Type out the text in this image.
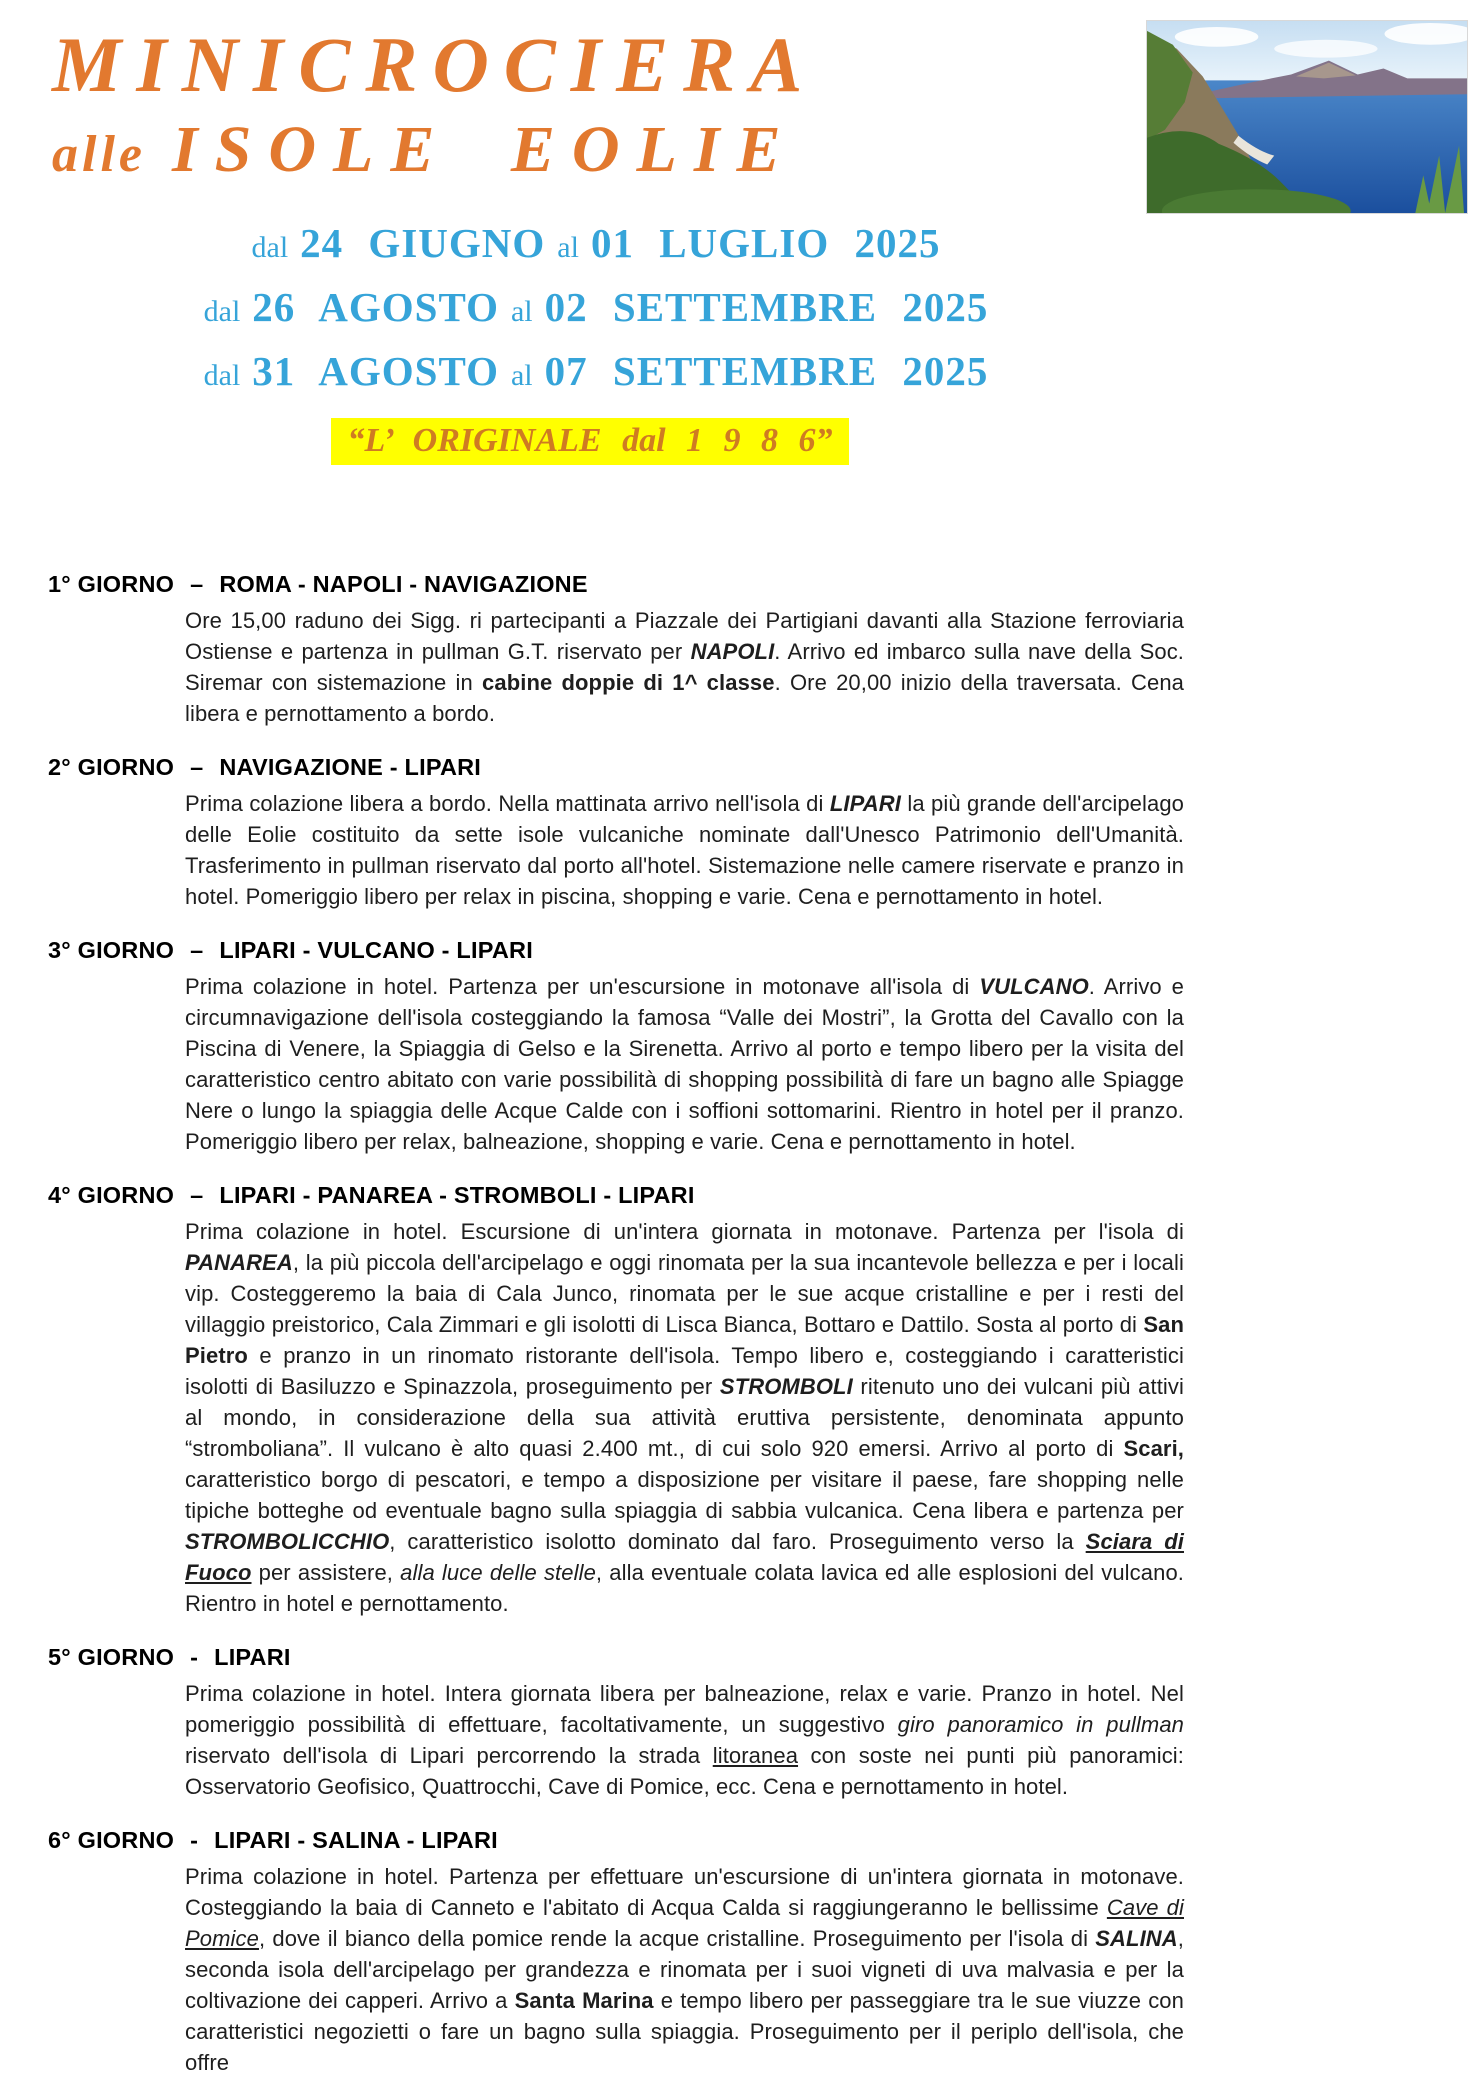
MINICROCIERA
alle ISOLE EOLIE
dal 24 GIUGNO al 01 LUGLIO 2025
dal 26 AGOSTO al 02 SETTEMBRE 2025
dal 31 AGOSTO al 07 SETTEMBRE 2025
“L’ ORIGINALE dal 1 9 8 6”
1° GIORNO – ROMA - NAPOLI - NAVIGAZIONE

Ore 15,00 raduno dei Sigg. ri partecipanti a Piazzale dei Partigiani davanti alla Stazione ferroviaria Ostiense e partenza in pullman G.T. riservato per NAPOLI. Arrivo ed imbarco sulla nave della Soc. Siremar con sistemazione in cabine doppie di 1^ classe. Ore 20,00 inizio della traversata. Cena libera e pernottamento a bordo.

2° GIORNO – NAVIGAZIONE - LIPARI

Prima colazione libera a bordo. Nella mattinata arrivo nell'isola di LIPARI la più grande dell'arcipelago delle Eolie costituito da sette isole vulcaniche nominate dall'Unesco Patrimonio dell'Umanità. Trasferimento in pullman riservato dal porto all'hotel. Sistemazione nelle camere riservate e pranzo in hotel. Pomeriggio libero per relax in piscina, shopping e varie. Cena e pernottamento in hotel.

3° GIORNO – LIPARI - VULCANO - LIPARI

Prima colazione in hotel. Partenza per un'escursione in motonave all'isola di VULCANO. Arrivo e circumnavigazione dell'isola costeggiando la famosa “Valle dei Mostri”, la Grotta del Cavallo con la Piscina di Venere, la Spiaggia di Gelso e la Sirenetta. Arrivo al porto e tempo libero per la visita del caratteristico centro abitato con varie possibilità di shopping possibilità di fare un bagno alle Spiagge Nere o lungo la spiaggia delle Acque Calde con i soffioni sottomarini. Rientro in hotel per il pranzo. Pomeriggio libero per relax, balneazione, shopping e varie. Cena e pernottamento in hotel.

4° GIORNO – LIPARI - PANAREA - STROMBOLI - LIPARI

Prima colazione in hotel. Escursione di un'intera giornata in motonave. Partenza per l'isola di PANAREA, la più piccola dell'arcipelago e oggi rinomata per la sua incantevole bellezza e per i locali vip. Costeggeremo la baia di Cala Junco, rinomata per le sue acque cristalline e per i resti del villaggio preistorico, Cala Zimmari e gli isolotti di Lisca Bianca, Bottaro e Dattilo. Sosta al porto di San Pietro e pranzo in un rinomato ristorante dell'isola. Tempo libero e, costeggiando i caratteristici isolotti di Basiluzzo e Spinazzola, proseguimento per STROMBOLI ritenuto uno dei vulcani più attivi al mondo, in considerazione della sua attività eruttiva persistente, denominata appunto “stromboliana”. Il vulcano è alto quasi 2.400 mt., di cui solo 920 emersi. Arrivo al porto di Scari, caratteristico borgo di pescatori, e tempo a disposizione per visitare il paese, fare shopping nelle tipiche botteghe od eventuale bagno sulla spiaggia di sabbia vulcanica. Cena libera e partenza per STROMBOLICCHIO, caratteristico isolotto dominato dal faro. Proseguimento verso la Sciara di Fuoco per assistere, alla luce delle stelle, alla eventuale colata lavica ed alle esplosioni del vulcano. Rientro in hotel e pernottamento.

5° GIORNO - LIPARI

Prima colazione in hotel. Intera giornata libera per balneazione, relax e varie. Pranzo in hotel. Nel pomeriggio possibilità di effettuare, facoltativamente, un suggestivo giro panoramico in pullman riservato dell'isola di Lipari percorrendo la strada litoranea con soste nei punti più panoramici: Osservatorio Geofisico, Quattrocchi, Cave di Pomice, ecc. Cena e pernottamento in hotel.

6° GIORNO - LIPARI - SALINA - LIPARI

Prima colazione in hotel. Partenza per effettuare un'escursione di un'intera giornata in motonave. Costeggiando la baia di Canneto e l'abitato di Acqua Calda si raggiungeranno le bellissime Cave di Pomice, dove il bianco della pomice rende la acque cristalline. Proseguimento per l'isola di SALINA, seconda isola dell'arcipelago per grandezza e rinomata per i suoi vigneti di uva malvasia e per la coltivazione dei capperi. Arrivo a Santa Marina e tempo libero per passeggiare tra le sue viuzze con caratteristici negozietti o fare un bagno sulla spiaggia. Proseguimento per il periplo dell'isola, che offre
